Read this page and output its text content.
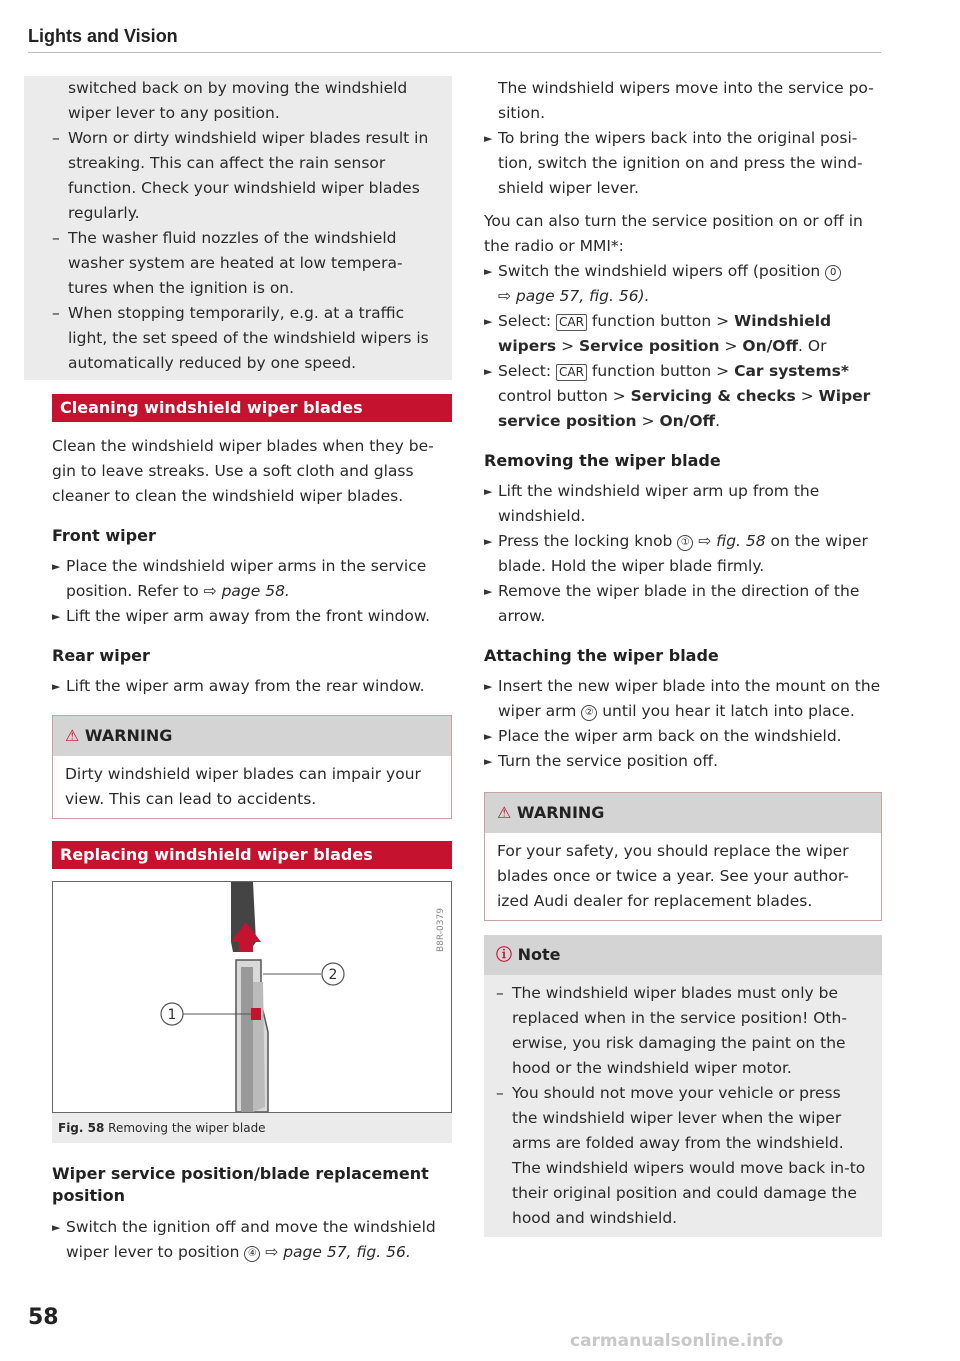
Lights and Vision

switched back on by moving the windshield wiper lever to any position.

– Worn or dirty windshield wiper blades result in streaking. This can affect the rain sensor function. Check your windshield wiper blades regularly.
– The washer fluid nozzles of the windshield washer system are heated at low tempera-tures when the ignition is on.
– When stopping temporarily, e.g. at a traffic light, the set speed of the windshield wipers is automatically reduced by one speed.
Cleaning windshield wiper blades

Clean the windshield wiper blades when they be-gin to leave streaks. Use a soft cloth and glass cleaner to clean the windshield wiper blades.

Front wiper
► Place the windshield wiper arms in the service position. Refer to ⇨ page 58.
► Lift the wiper arm away from the front window.
Rear wiper
► Lift the wiper arm away from the rear window.
⚠ WARNING
Dirty windshield wiper blades can impair your view. This can lead to accidents.
Replacing windshield wiper blades
1
2
B8R-0379
Fig. 58 Removing the wiper blade
Wiper service position/blade replacement position
► Switch the ignition off and move the windshield wiper lever to position ④ ⇨ page 57, fig. 56.

The windshield wipers move into the service po-sition.

► To bring the wipers back into the original posi-tion, switch the ignition on and press the wind-shield wiper lever.

You can also turn the service position on or off in the radio or MMI*:

► Switch the windshield wipers off (position 0
⇨ page 57, fig. 56).
► Select: CAR function button > Windshield wipers > Service position > On/Off. Or
► Select: CAR function button > Car systems* control button > Servicing & checks > Wiper service position > On/Off.
Removing the wiper blade
► Lift the windshield wiper arm up from the windshield.
► Press the locking knob ① ⇨ fig. 58 on the wiper blade. Hold the wiper blade firmly.
► Remove the wiper blade in the direction of the arrow.
Attaching the wiper blade
► Insert the new wiper blade into the mount on the wiper arm ② until you hear it latch into place.
► Place the wiper arm back on the windshield.
► Turn the service position off.
⚠ WARNING
For your safety, you should replace the wiper blades once or twice a year. See your author-ized Audi dealer for replacement blades.
ⓘ Note
– The windshield wiper blades must only be replaced when in the service position! Oth-erwise, you risk damaging the paint on the hood or the windshield wiper motor.
– You should not move your vehicle or press the windshield wiper lever when the wiper arms are folded away from the windshield. The windshield wipers would move back in-to their original position and could damage the hood and windshield.
58
carmanualsonline.info
